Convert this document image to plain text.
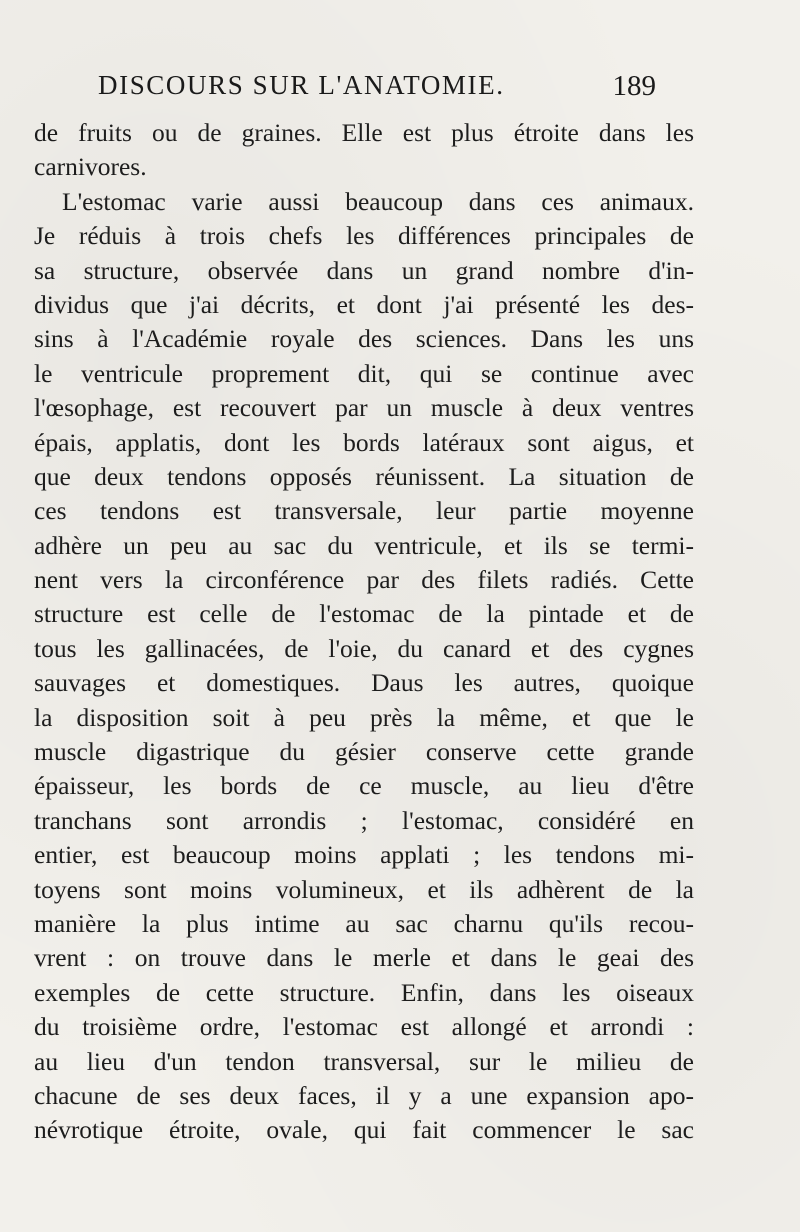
DISCOURS SUR L'ANATOMIE.	189
de fruits ou de graines. Elle est plus étroite dans les
carnivores.
L'estomac varie aussi beaucoup dans ces animaux.
Je réduis à trois chefs les différences principales de
sa structure, observée dans un grand nombre d'in-
dividus que j'ai décrits, et dont j'ai présenté les des-
sins à l'Académie royale des sciences. Dans les uns
le ventricule proprement dit, qui se continue avec
l'œsophage, est recouvert par un muscle à deux ventres
épais, applatis, dont les bords latéraux sont aigus, et
que deux tendons opposés réunissent. La situation de
ces tendons est transversale, leur partie moyenne
adhère un peu au sac du ventricule, et ils se termi-
nent vers la circonférence par des filets radiés. Cette
structure est celle de l'estomac de la pintade et de
tous les gallinacées, de l'oie, du canard et des cygnes
sauvages et domestiques. Daus les autres, quoique
la disposition soit à peu près la même, et que le
muscle digastrique du gésier conserve cette grande
épaisseur, les bords de ce muscle, au lieu d'être
tranchans sont arrondis ; l'estomac, considéré en
entier, est beaucoup moins applati ; les tendons mi-
toyens sont moins volumineux, et ils adhèrent de la
manière la plus intime au sac charnu qu'ils recou-
vrent : on trouve dans le merle et dans le geai des
exemples de cette structure. Enfin, dans les oiseaux
du troisième ordre, l'estomac est allongé et arrondi :
au lieu d'un tendon transversal, sur le milieu de
chacune de ses deux faces, il y a une expansion apo-
névrotique étroite, ovale, qui fait commencer le sac
